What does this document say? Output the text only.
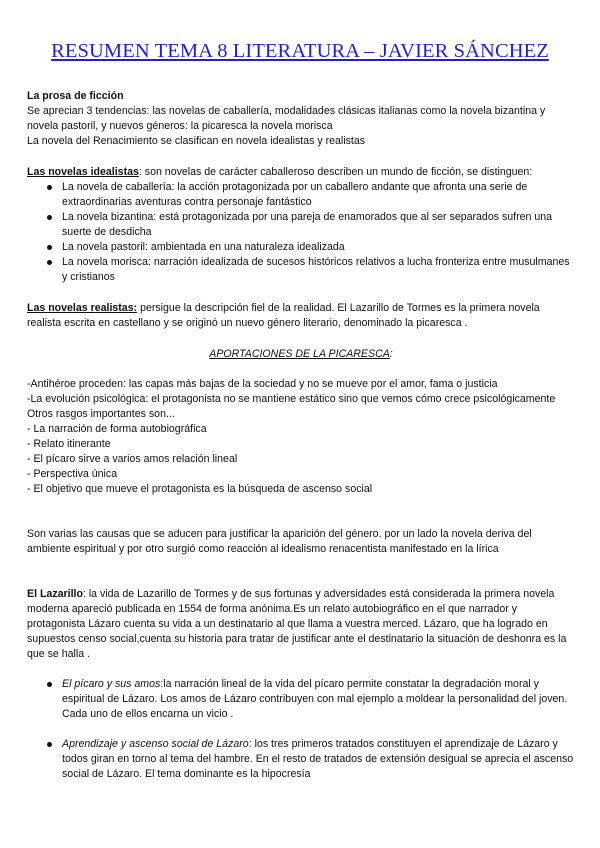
RESUMEN TEMA 8 LITERATURA – JAVIER SÁNCHEZ

La prosa de ficción

Se aprecian 3 tendencias: las novelas de caballería, modalidades clásicas italianas como la novela bizantina y novela pastoril, y nuevos géneros: la picaresca la novela morisca

La novela del Renacimiento se clasifican en novela idealistas y realistas

Las novelas idealistas: son novelas de carácter caballeroso describen un mundo de ficción, se distinguen:

La novela de caballería: la acción protagonizada por un caballero andante que afronta una serie de extraordinarias aventuras contra personaje fantástico
La novela bizantina: está protagonizada por una pareja de enamorados que al ser separados sufren una suerte de desdicha
La novela pastoril: ambientada en una naturaleza idealizada
La novela morisca: narración idealizada de sucesos históricos relativos a lucha fronteriza entre musulmanes y cristianos

Las novelas realistas: persigue la descripción fiel de la realidad. El Lazarillo de Tormes es la primera novela realista escrita en castellano y se originó un nuevo género literario, denominado la picaresca .

APORTACIONES DE LA PICARESCA:

-Antihéroe proceden: las capas más bajas de la sociedad y no se mueve por el amor, fama o justicia
-La evolución psicológica: el protagonista no se mantiene estático sino que vemos cómo crece psicológicamente
Otros rasgos importantes son...
- La narración de forma autobiográfica
- Relato itinerante
- El pícaro sirve a varios amos relación lineal
- Perspectiva única
- El objetivo que mueve el protagonista es la búsqueda de ascenso social

Son varias las causas que se aducen para justificar la aparición del género. por un lado la novela deriva del ambiente espiritual y por otro surgió como reacción al idealismo renacentista manifestado en la lírica

El Lazarillo: la vida de Lazarillo de Tormes y de sus fortunas y adversidades está considerada la primera novela moderna apareció publicada en 1554 de forma anónima.Es un relato autobiográfico en el que narrador y protagonista Lázaro cuenta su vida a un destinatario al que llama a vuestra merced. Lázaro, que ha logrado en supuestos censo social,cuenta su historia para tratar de justificar ante el destinatario la situación de deshonra es la que se halla .

El pícaro y sus amos:la narración lineal de la vida del pícaro permite constatar la degradación moral y espiritual de Lázaro. Los amos de Lázaro contribuyen con mal ejemplo a moldear la personalidad del joven. Cada uno de ellos encarna un vicio .
Aprendizaje y ascenso social de Lázaro: los tres primeros tratados constituyen el aprendizaje de Lázaro y todos giran en torno al tema del hambre. En el resto de tratados de extensión desigual se aprecia el ascenso social de Lázaro. El tema dominante es la hipocresía
